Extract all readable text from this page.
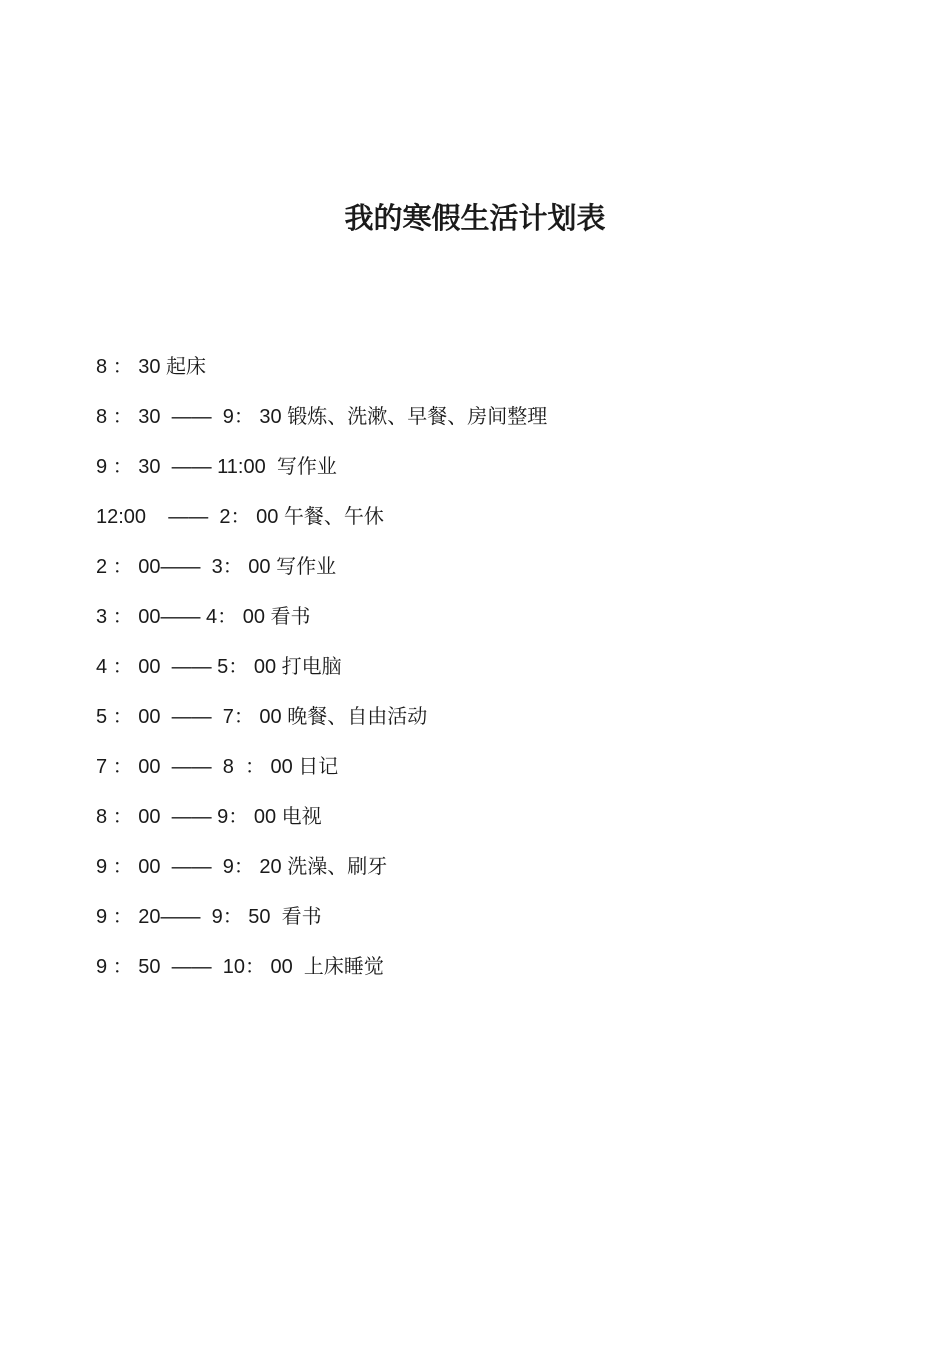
我的寒假生活计划表
8 ： 30 起床
8 ： 30  ——  9： 30 锻炼、洗漱、早餐、房间整理
9 ： 30  —— 11:00  写作业
12:00    ——  2： 00 午餐、午休
2 ： 00——  3： 00 写作业
3 ： 00—— 4： 00 看书
4 ： 00  —— 5： 00 打电脑
5 ： 00  ——  7： 00 晚餐、自由活动
7 ： 00  ——  8  ： 00 日记
8 ： 00  —— 9： 00 电视
9 ： 00  ——  9： 20 洗澡、刷牙
9 ： 20——  9： 50  看书
9 ： 50  ——  10： 00  上床睡觉
